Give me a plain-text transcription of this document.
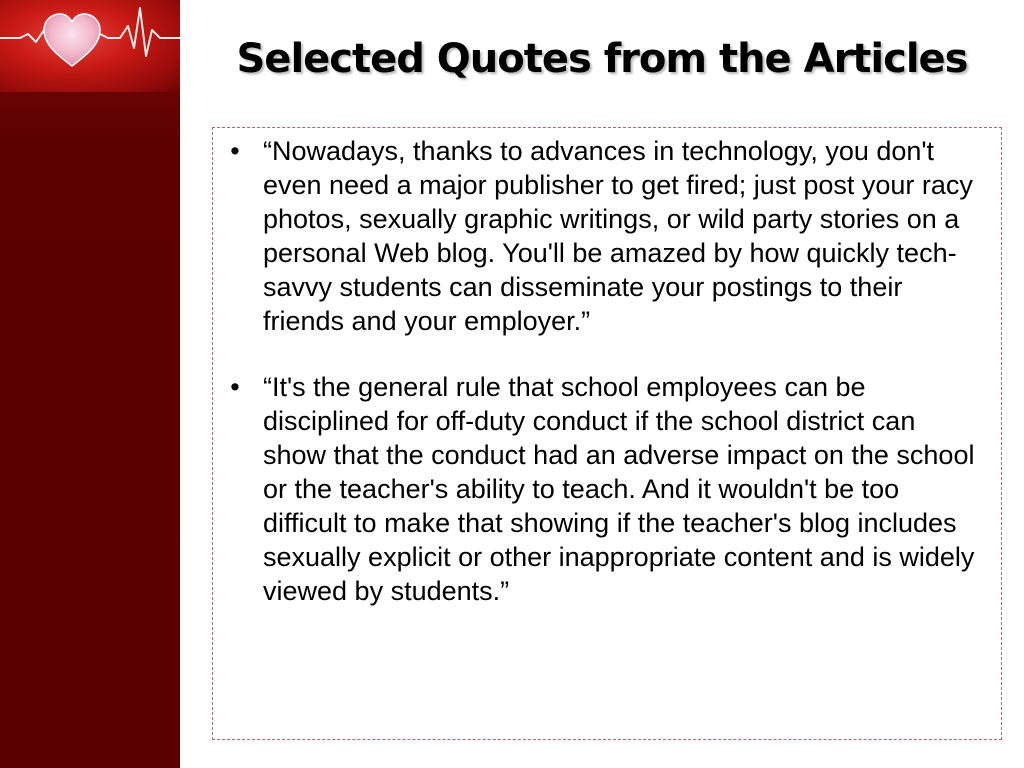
Selected Quotes from the Articles
• “Nowadays, thanks to advances in technology, you don't even need a major publisher to get fired; just post your racy photos, sexually graphic writings, or wild party stories on a personal Web blog. You'll be amazed by how quickly tech-savvy students can disseminate your postings to their friends and your employer.”
• “It's the general rule that school employees can be disciplined for off-duty conduct if the school district can show that the conduct had an adverse impact on the school or the teacher's ability to teach. And it wouldn't be too difficult to make that showing if the teacher's blog includes sexually explicit or other inappropriate content and is widely viewed by students.”
